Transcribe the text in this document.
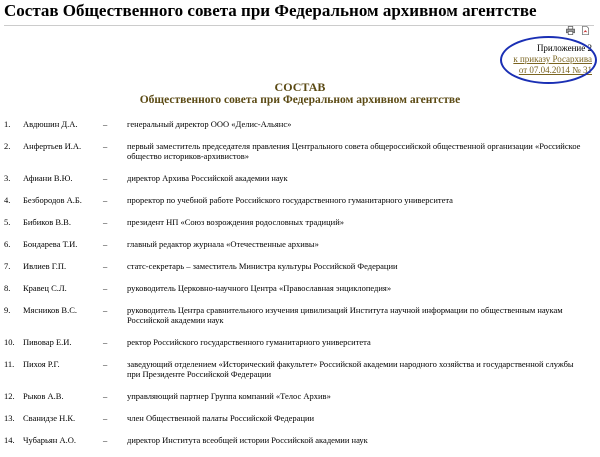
Состав Общественного совета при Федеральном архивном агентстве
Приложение 2
к приказу Росархива
от 07.04.2014 № 31
СОСТАВ
Общественного совета при Федеральном архивном агентстве
1. Авдюшин Д.А.	– генеральный директор ООО «Делис-Альянс»
2. Анфертьев И.А.	– первый заместитель председателя правления Центрального совета общероссийской общественной организации «Российское общество историков-архивистов»
3. Афиани В.Ю.	– директор Архива Российской академии наук
4. Безбородов А.Б. – проректор по учебной работе Российского государственного гуманитарного университета
5. Бибиков В.В.	– президент НП «Союз возрождения родословных традиций»
6. Бондарева Т.И.	– главный редактор журнала «Отечественные архивы»
7. Ивлиев Г.П.	– статс-секретарь – заместитель Министра культуры Российской Федерации
8. Кравец С.Л.	– руководитель Церковно-научного Центра «Православная энциклопедия»
9. Мясников В.С.	– руководитель Центра сравнительного изучения цивилизаций Института научной информации по общественным наукам Российской академии наук
10. Пивовар Е.И.	– ректор Российского государственного гуманитарного университета
11. Пихоя Р.Г.	– заведующий отделением «Исторический факультет» Российской академии народного хозяйства и государственной службы при Президенте Российской Федерации
12. Рыков А.В.	– управляющий партнер Группа компаний «Телос Архив»
13. Сванидзе Н.К.	– член Общественной палаты Российской Федерации
14. Чубарьян А.О.	– директор Института всеобщей истории Российской академии наук
